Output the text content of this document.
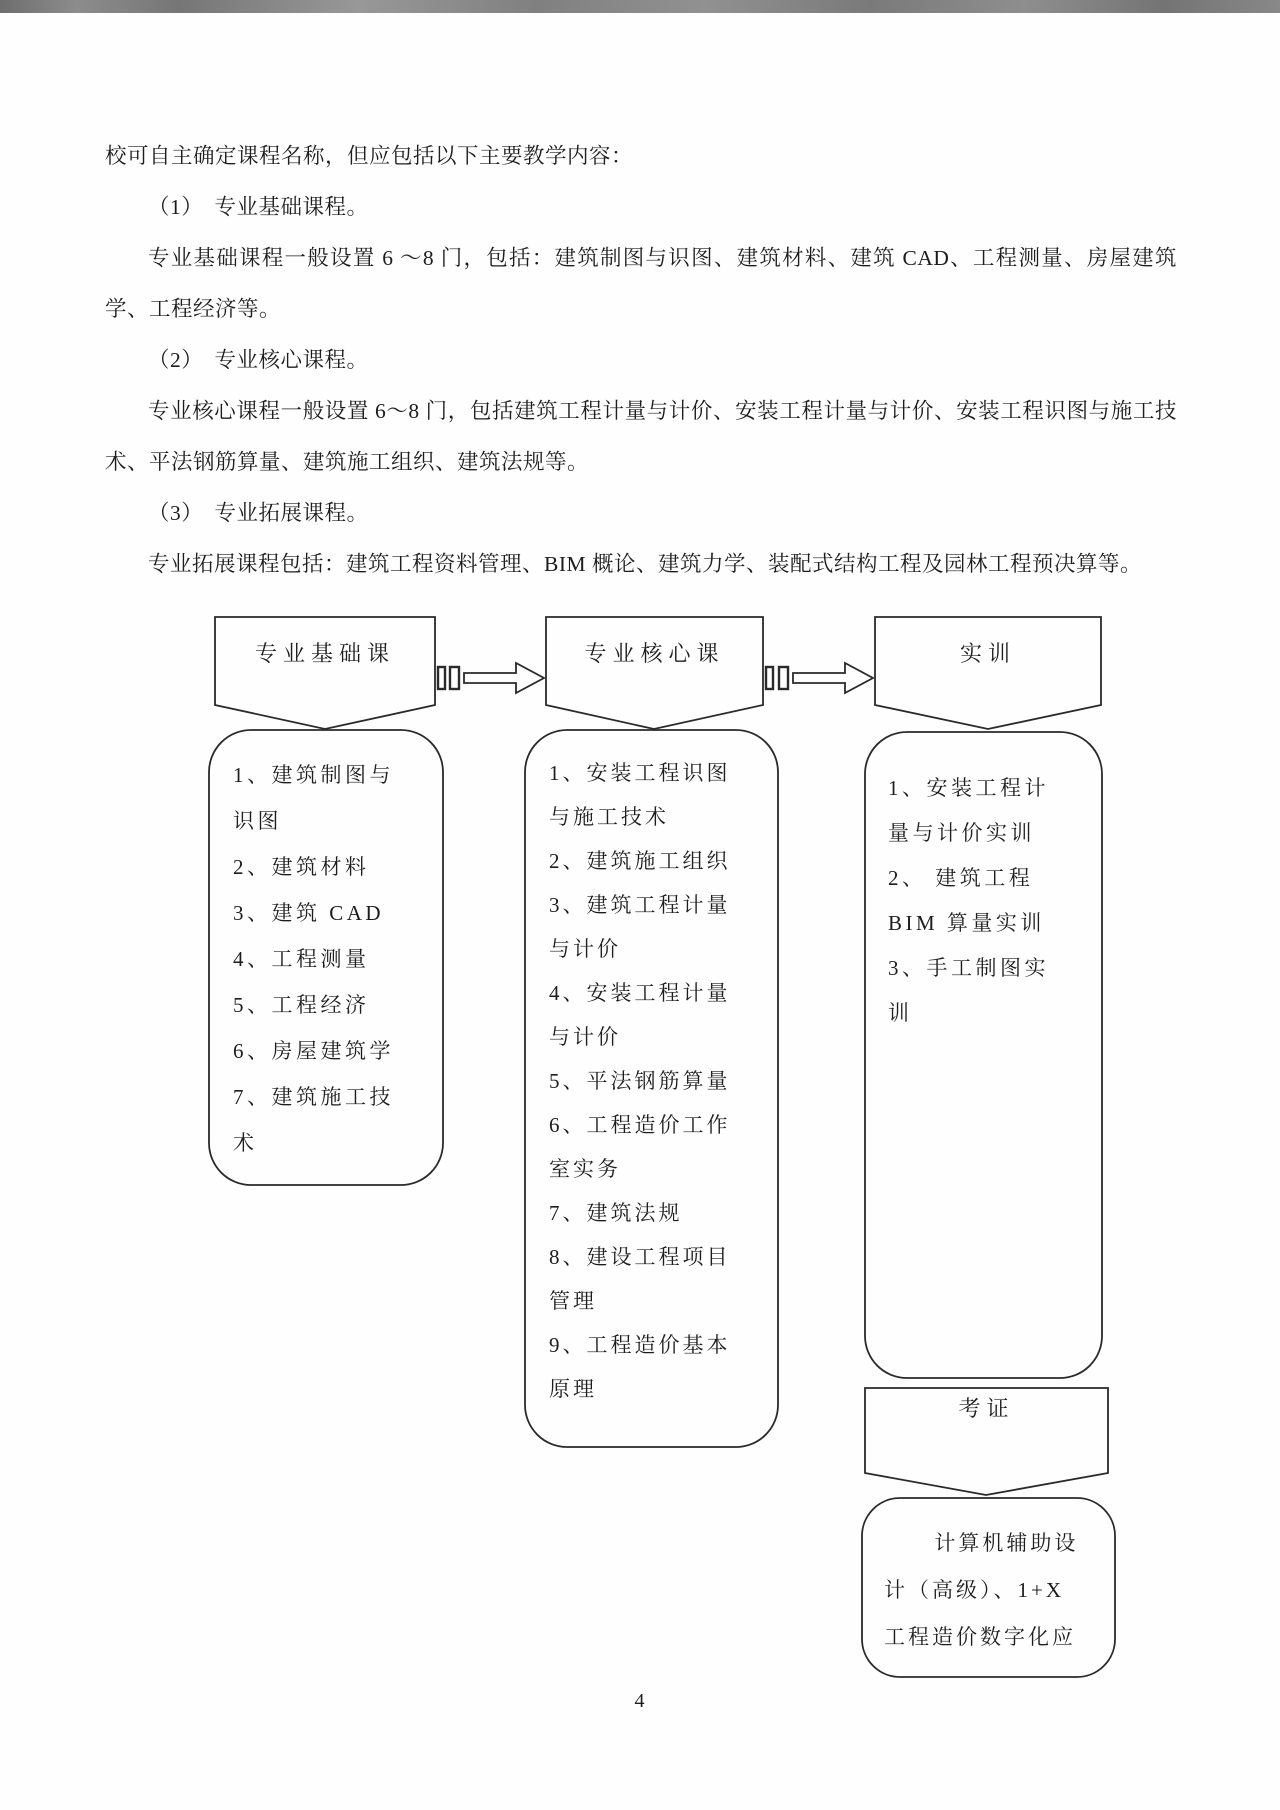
校可自主确定课程名称，但应包括以下主要教学内容：

（1）　专业基础课程。

专业基础课程一般设置 6 ～8 门，包括：建筑制图与识图、建筑材料、建筑 CAD、工程测量、房屋建筑学、工程经济等。

（2）　专业核心课程。

专业核心课程一般设置 6～8 门，包括建筑工程计量与计价、安装工程计量与计价、安装工程识图与施工技术、平法钢筋算量、建筑施工组织、建筑法规等。

（3）　专业拓展课程。

专业拓展课程包括：建筑工程资料管理、BIM 概论、建筑力学、装配式结构工程及园林工程预决算等。

专业基础课	专业核心课	实训
考证
1、建筑制图与
识图
2、建筑材料
3、建筑 CAD
4、工程测量
5、工程经济
6、房屋建筑学
7、建筑施工技
术
1、安装工程识图
与施工技术
2、建筑施工组织
3、建筑工程计量
与计价
4、安装工程计量
与计价
5、平法钢筋算量
6、工程造价工作
室实务
7、建筑法规
8、建设工程项目
管理
9、工程造价基本
原理
1、安装工程计
量与计价实训
2、 建筑工程
BIM 算量实训
3、手工制图实
训
计算机辅助设
计（高级）、1+X
工程造价数字化应
4
